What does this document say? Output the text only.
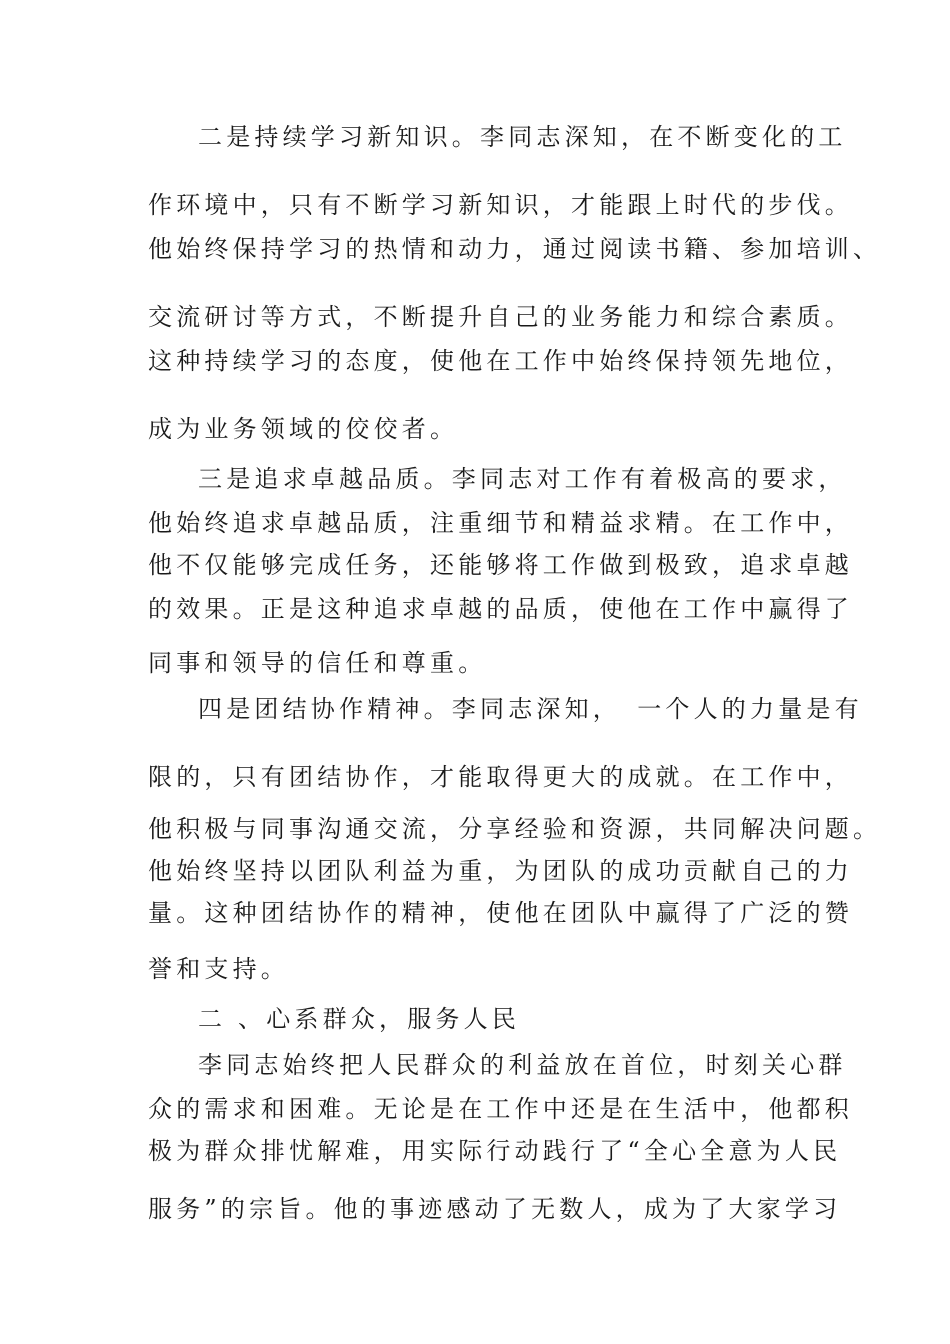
二是持续学习新知识。李同志深知，在不断变化的工
作环境中，只有不断学习新知识，才能跟上时代的步伐。
他始终保持学习的热情和动力，通过阅读书籍、参加培训、
交流研讨等方式，不断提升自己的业务能力和综合素质。
这种持续学习的态度，使他在工作中始终保持领先地位，
成为业务领域的佼佼者。
三是追求卓越品质。李同志对工作有着极高的要求，
他始终追求卓越品质，注重细节和精益求精。在工作中，
他不仅能够完成任务，还能够将工作做到极致，追求卓越
的效果。正是这种追求卓越的品质，使他在工作中赢得了
同事和领导的信任和尊重。
四是团结协作精神。李同志深知，　一个人的力量是有
限的，只有团结协作，才能取得更大的成就。在工作中，
他积极与同事沟通交流，分享经验和资源，共同解决问题。
他始终坚持以团队利益为重，为团队的成功贡献自己的力
量。这种团结协作的精神，使他在团队中赢得了广泛的赞
誉和支持。
二 、心系群众，服务人民
李同志始终把人民群众的利益放在首位，时刻关心群
众的需求和困难。无论是在工作中还是在生活中，他都积
极为群众排忧解难，用实际行动践行了“全心全意为人民
服务”的宗旨。他的事迹感动了无数人，成为了大家学习
